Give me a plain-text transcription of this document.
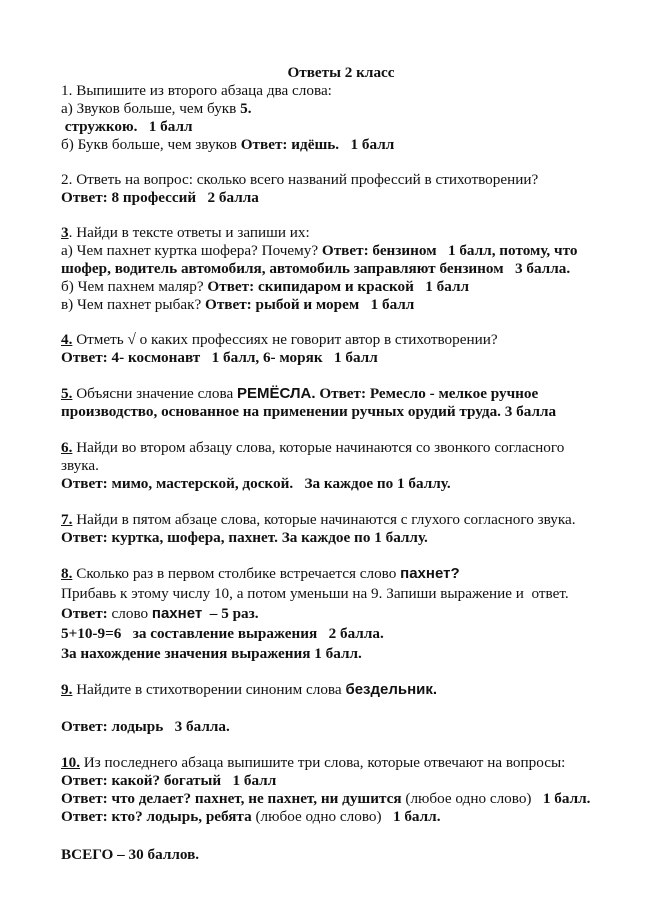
Ответы 2 класс
1. Выпишите из второго абзаца два слова:
а) Звуков больше, чем букв 5.
стружкою.   1 балл
б) Букв больше, чем звуков Ответ: идёшь.   1 балл
2. Ответь на вопрос: сколько всего названий профессий в стихотворении?
Ответ: 8 профессий   2 балла
3. Найди в тексте ответы и запиши их:
а) Чем пахнет куртка шофера? Почему? Ответ: бензином   1 балл, потому, что
шофер, водитель автомобиля, автомобиль заправляют бензином   3 балла.
б) Чем пахнем маляр? Ответ: скипидаром и краской   1 балл
в) Чем пахнет рыбак? Ответ: рыбой и морем   1 балл
4. Отметь √ о каких профессиях не говорит автор в стихотворении?
Ответ: 4- космонавт   1 балл, 6- моряк   1 балл
5. Объясни значение слова РЕМЁСЛА. Ответ: Ремесло - мелкое ручное
производство, основанное на применении ручных орудий труда. 3 балла
6. Найди во втором абзацу слова, которые начинаются со звонкого согласного
звука.
Ответ: мимо, мастерской, доской.   За каждое по 1 баллу.
7. Найди в пятом абзаце слова, которые начинаются с глухого согласного звука.
Ответ: куртка, шофера, пахнет. За каждое по 1 баллу.
8. Сколько раз в первом столбике встречается слово пахнет?
Прибавь к этому числу 10, а потом уменьши на 9. Запиши выражение и  ответ.
Ответ: слово пахнет  – 5 раз.
5+10-9=6   за составление выражения   2 балла.
За нахождение значения выражения 1 балл.
9. Найдите в стихотворении синоним слова бездельник.
Ответ: лодырь   3 балла.
10. Из последнего абзаца выпишите три слова, которые отвечают на вопросы:
Ответ: какой? богатый   1 балл
Ответ: что делает? пахнет, не пахнет, ни душится (любое одно слово)   1 балл.
Ответ: кто? лодырь, ребята (любое одно слово)   1 балл.
ВСЕГО – 30 баллов.
